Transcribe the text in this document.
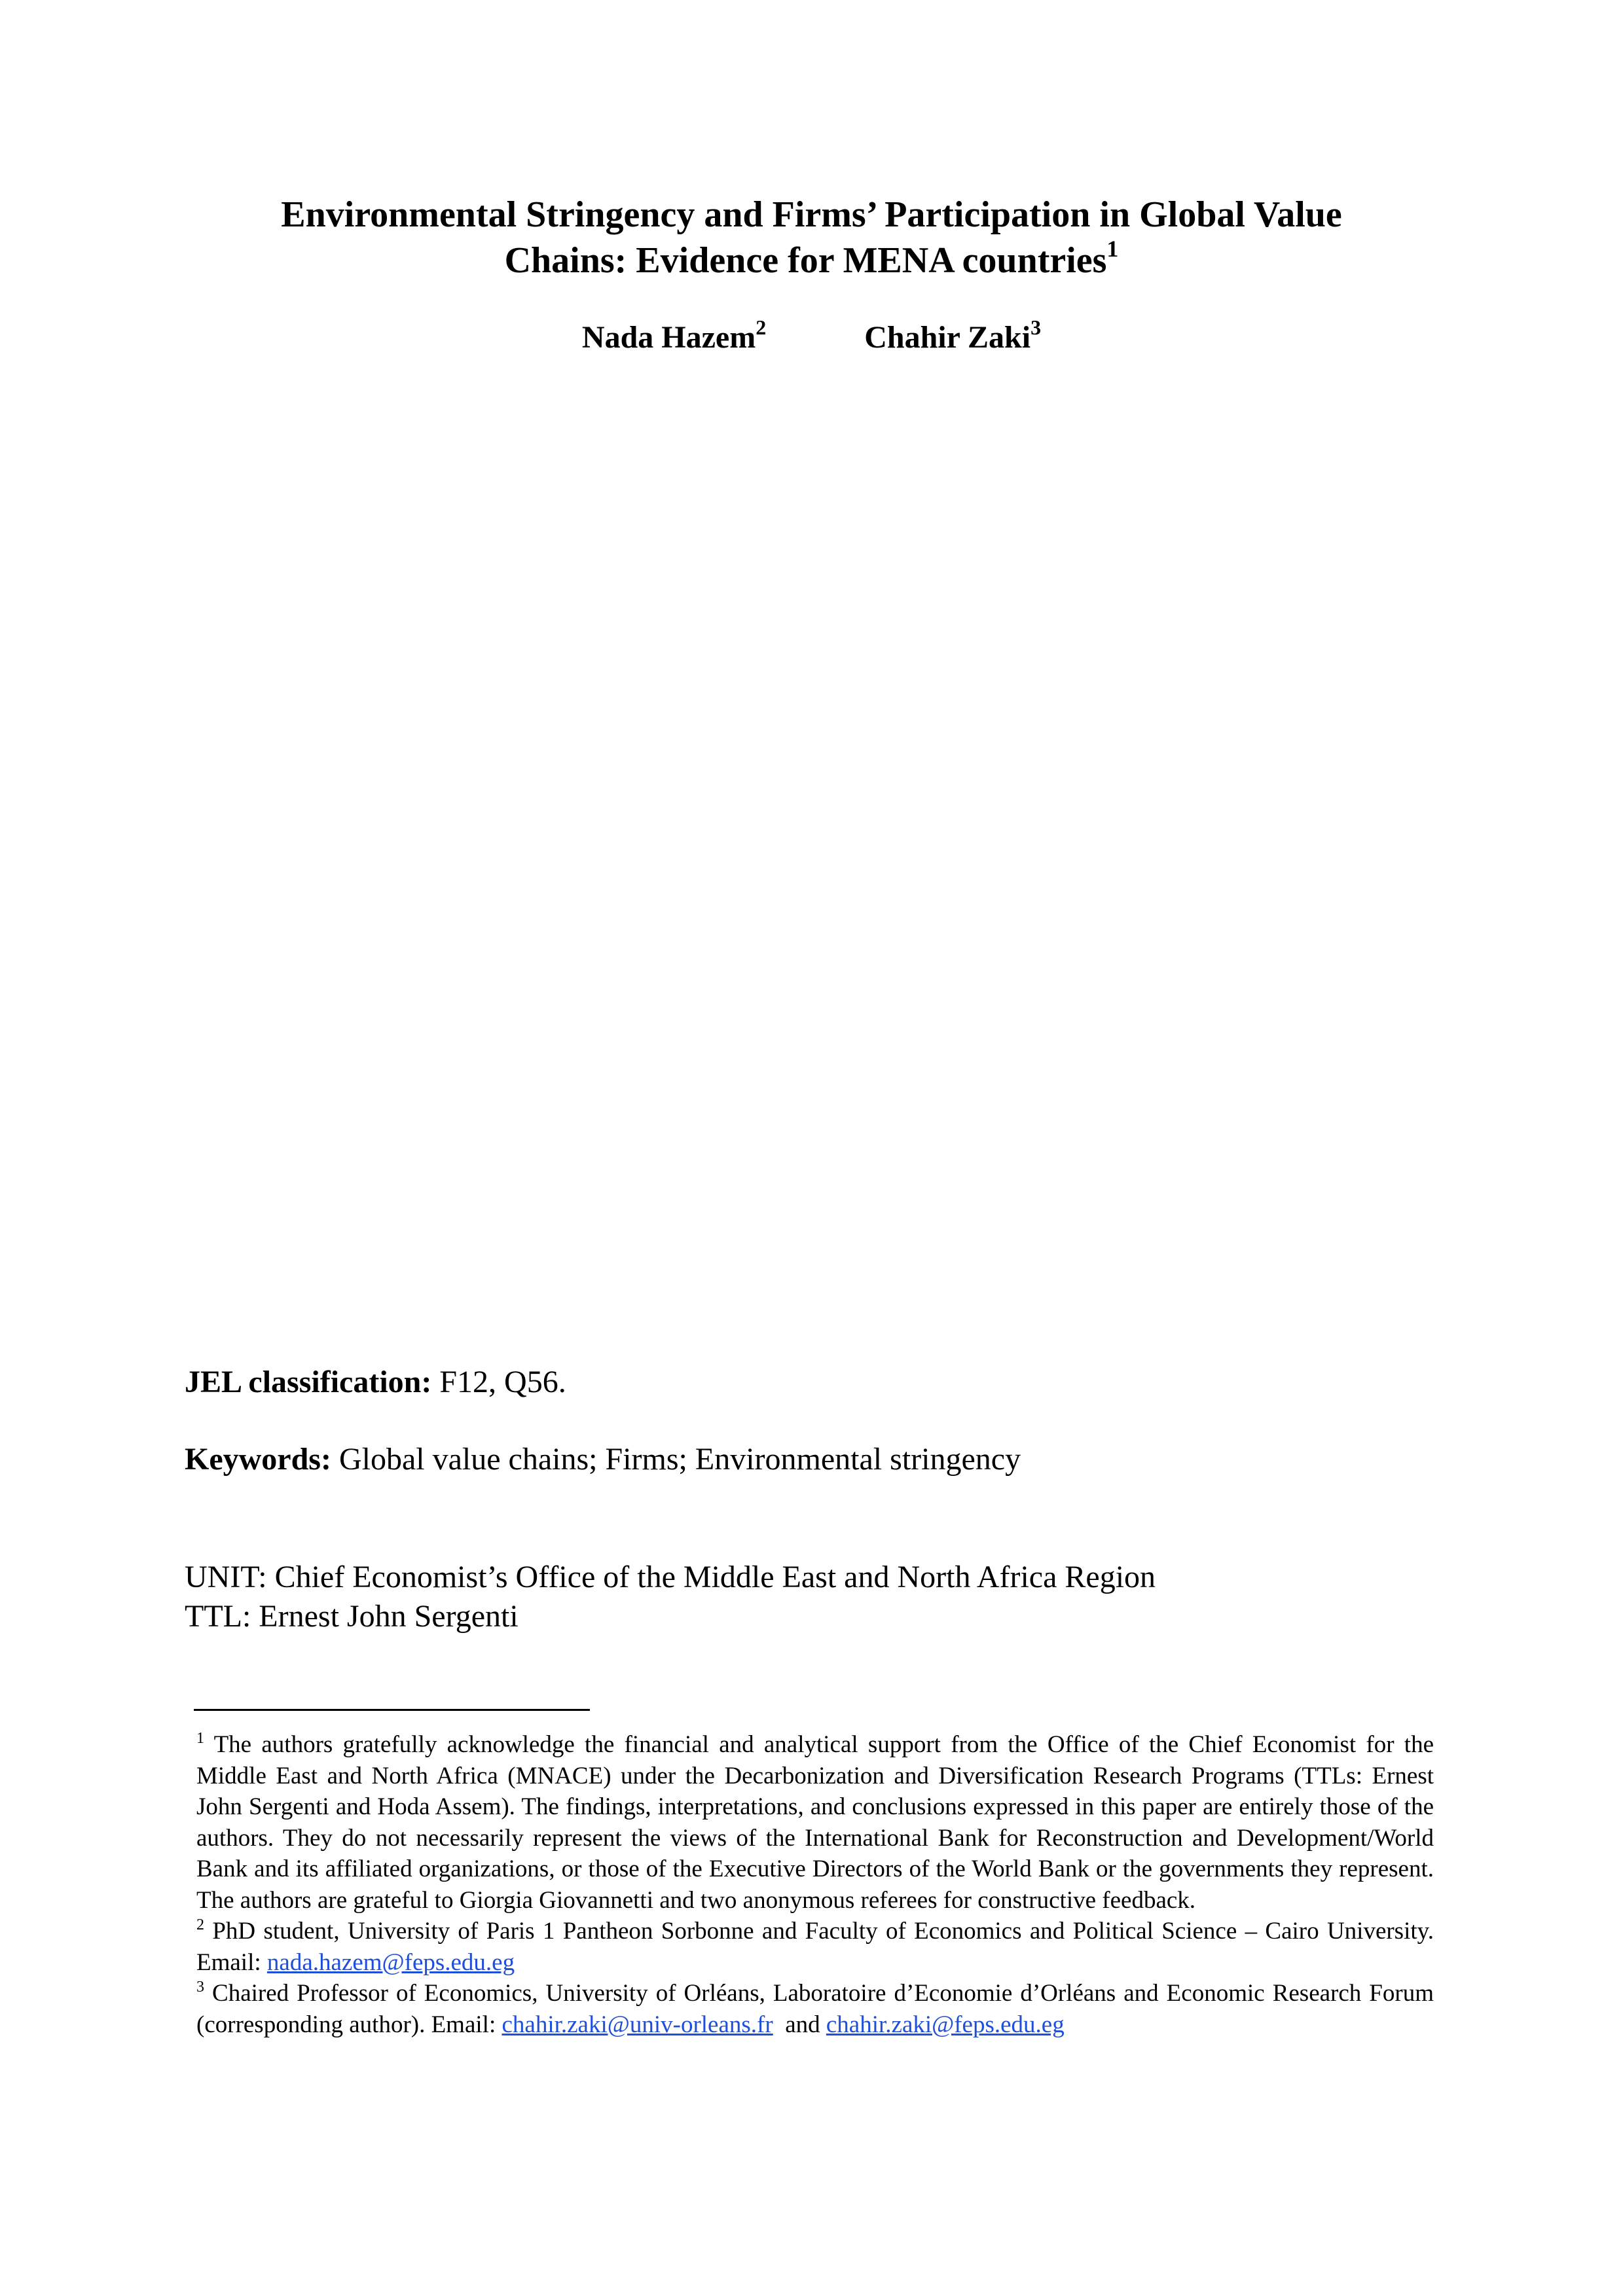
Environmental Stringency and Firms’ Participation in Global Value
Chains: Evidence for MENA countries$^1$
Nada Hazem$^2$	Chahir Zaki$^3$
JEL classification: F12, Q56.
Keywords: Global value chains; Firms; Environmental stringency
UNIT: Chief Economist’s Office of the Middle East and North Africa Region
TTL: Ernest John Sergenti

$^1$ The authors gratefully acknowledge the financial and analytical support from the Office of the Chief Economist for the Middle East and North Africa (MNACE) under the Decarbonization and Diversification Research Programs (TTLs: Ernest John Sergenti and Hoda Assem). The findings, interpretations, and conclusions expressed in this paper are entirely those of the authors. They do not necessarily represent the views of the International Bank for Reconstruction and Development/World Bank and its affiliated organizations, or those of the Executive Directors of the World Bank or the governments they represent. The authors are grateful to Giorgia Giovannetti and two anonymous referees for constructive feedback.

$^2$ PhD student, University of Paris 1 Pantheon Sorbonne and Faculty of Economics and Political Science – Cairo University. Email: nada.hazem@feps.edu.eg

$^3$ Chaired Professor of Economics, University of Orléans, Laboratoire d’Economie d’Orléans and Economic Research Forum (corresponding author). Email: chahir.zaki@univ-orleans.fr  and chahir.zaki@feps.edu.eg
